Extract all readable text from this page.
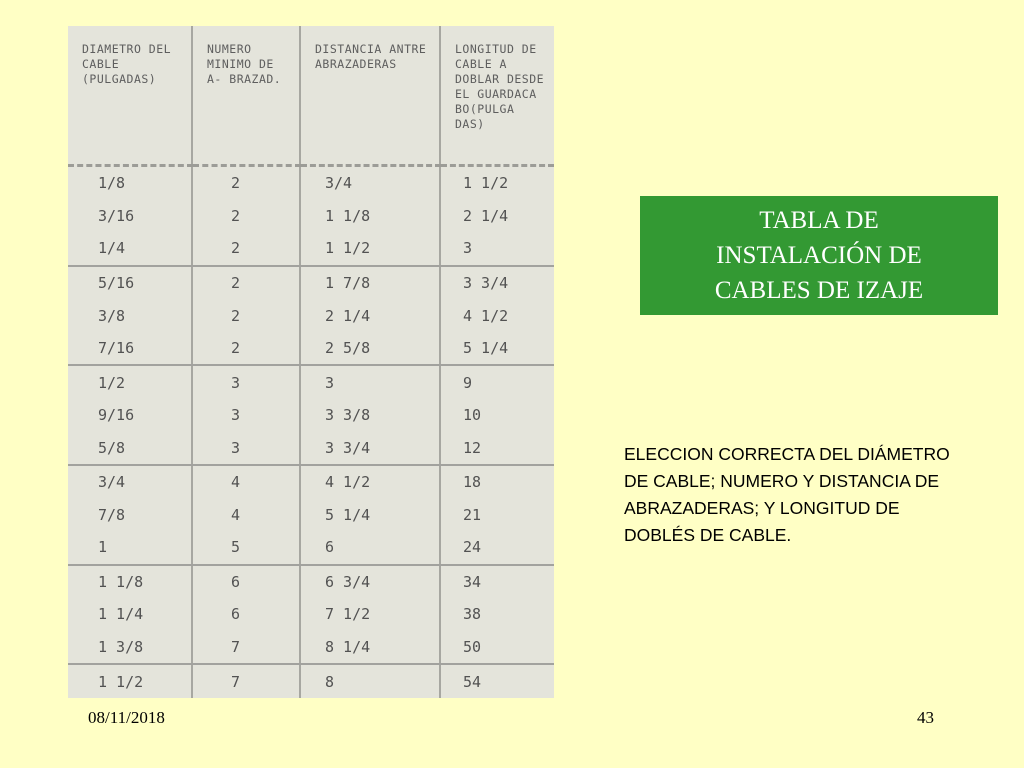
DIAMETRO DEL CABLE (PULGADAS)	NUMERO MINIMO DE A- BRAZAD.	DISTANCIA ANTRE ABRAZADERAS	LONGITUD DE CABLE A DOBLAR DESDE EL GUARDACA BO(PULGA DAS)
1/8	2	3/4	1 1/2
3/16	2	1 1/8	2 1/4
1/4	2	1 1/2	3
5/16	2	1 7/8	3 3/4
3/8	2	2 1/4	4 1/2
7/16	2	2 5/8	5 1/4
1/2	3	3	9
9/16	3	3 3/8	10
5/8	3	3 3/4	12
3/4	4	4 1/2	18
7/8	4	5 1/4	21
1	5	6	24
1 1/8	6	6 3/4	34
1 1/4	6	7 1/2	38
1 3/8	7	8 1/4	50
1 1/2	7	8	54
TABLA DE
INSTALACIÓN DE
CABLES DE IZAJE
ELECCION CORRECTA DEL DIÁMETRO DE CABLE; NUMERO Y DISTANCIA DE ABRAZADERAS; Y LONGITUD DE DOBLÉS DE CABLE.
08/11/2018	43
